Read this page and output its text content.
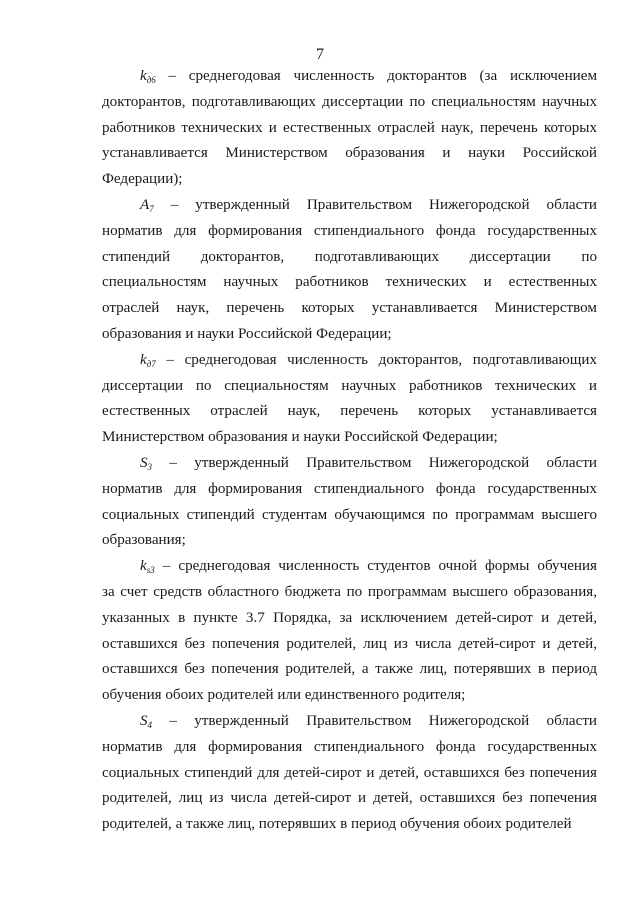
7
$k_{д6}$ – среднегодовая численность докторантов (за исключением
докторантов, подготавливающих диссертации по специальностям научных
работников технических и естественных отраслей наук, перечень которых
устанавливается Министерством образования и науки Российской
Федерации);
$A_7$ – утвержденный Правительством Нижегородской области
норматив для формирования стипендиального фонда государственных
стипендий докторантов, подготавливающих диссертации по
специальностям научных работников технических и естественных
отраслей наук, перечень которых устанавливается Министерством
образования и науки Российской Федерации;
$k_{д7}$ – среднегодовая численность докторантов, подготавливающих
диссертации по специальностям научных работников технических и
естественных отраслей наук, перечень которых устанавливается
Министерством образования и науки Российской Федерации;
$S_3$ – утвержденный Правительством Нижегородской области
норматив для формирования стипендиального фонда государственных
социальных стипендий студентам обучающимся по программам высшего
образования;
$k_{s3}$ – среднегодовая численность студентов очной формы обучения
за счет средств областного бюджета по программам высшего образования,
указанных в пункте 3.7 Порядка, за исключением детей-сирот и детей,
оставшихся без попечения родителей, лиц из числа детей-сирот и детей,
оставшихся без попечения родителей, а также лиц, потерявших в период
обучения обоих родителей или единственного родителя;
$S_4$ – утвержденный Правительством Нижегородской области
норматив для формирования стипендиального фонда государственных
социальных стипендий для детей-сирот и детей, оставшихся без попечения
родителей, лиц из числа детей-сирот и детей, оставшихся без попечения
родителей, а также лиц, потерявших в период обучения обоих родителей
